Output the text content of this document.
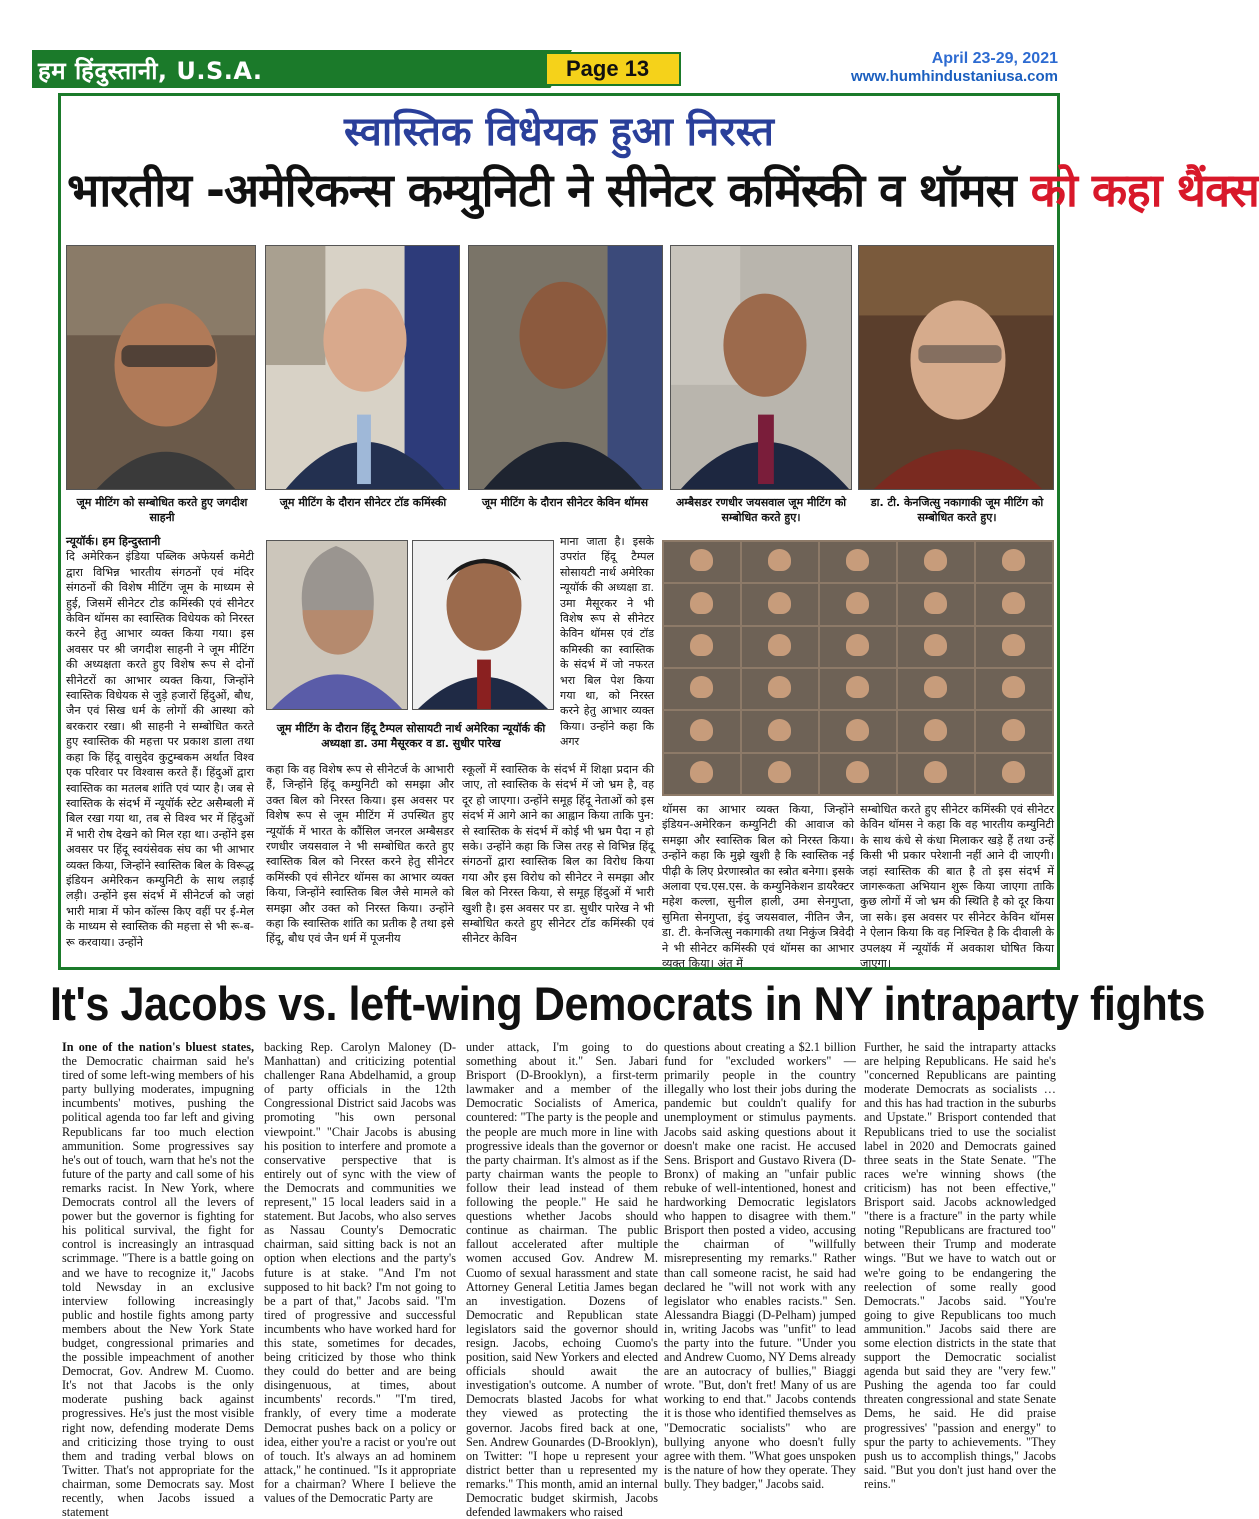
हम हिंदुस्तानी, U.S.A.	Page 13	April 23-29, 2021
www.humhindustaniusa.com
स्वास्तिक विधेयक हुआ निरस्त
भारतीय -अमेरिकन्स कम्युनिटी ने सीनेटर कमिंस्की व थॉमस को कहा थैंक्स
जूम मीटिंग को सम्बोधित करते हुए जगदीश साहनी
जूम मीटिंग के दौरान सीनेटर टॉड कमिंस्की	जूम मीटिंग के दौरान सीनेटर केविन थॉमस	अम्बैसडर रणधीर जयसवाल जूम मीटिंग को सम्बोधित करते हुए।
डा. टी. केनजित्सु नकागाकी जूम मीटिंग को सम्बोधित करते हुए।
न्यूयॉर्क। हम हिन्दुस्तानी
दि अमेरिकन इंडिया पब्लिक अफेयर्स कमेटी द्वारा विभिन्न भारतीय संगठनों एवं मंदिर संगठनों की विशेष मीटिंग जूम के माध्यम से हुई, जिसमें सीनेटर टोड कमिंस्की एवं सीनेटर केविन थॉमस का स्वास्तिक विधेयक को निरस्त करने हेतु आभार व्यक्त किया गया। इस अवसर पर श्री जगदीश साहनी ने जूम मीटिंग की अध्यक्षता करते हुए विशेष रूप से दोनों सीनेटरों का आभार व्यक्त किया, जिन्होंने स्वास्तिक विधेयक से जुड़े हजारों हिंदुओं, बौध, जैन एवं सिख धर्म के लोगों की आस्था को बरकरार रखा। श्री साहनी ने सम्बोधित करते हुए स्वास्तिक की महत्ता पर प्रकाश डाला तथा कहा कि हिंदू वासुदेव कुटुम्बकम अर्थात विश्व एक परिवार पर विश्वास करते हैं। हिंदुओं द्वारा स्वास्तिक का मतलब शांति एवं प्यार है। जब से स्वास्तिक के संदर्भ में न्यूयॉर्क स्टेट असैम्बली में बिल रखा गया था, तब से विश्व भर में हिंदुओं में भारी रोष देखने को मिल रहा था। उन्होंने इस अवसर पर हिंदू स्वयंसेवक संघ का भी आभार व्यक्त किया, जिन्होंने स्वास्तिक बिल के विरूद्ध इंडियन अमेरिकन कम्युनिटी के साथ लड़ाई लड़ी। उन्होंने इस संदर्भ में सीनेटर्ज को जहां भारी मात्रा में फोन कॉल्स किए वहीं पर ई-मेल के माध्यम से स्वास्तिक की महत्ता से भी रू-ब-रू करवाया। उन्होंने
जूम मीटिंग के दौरान हिंदू टैम्पल सोसायटी नार्थ अमेरिका न्यूयॉर्क की अध्यक्षा डा. उमा मैसूरकर व डा. सुधीर पारेख
कहा कि वह विशेष रूप से सीनेटर्ज के आभारी हैं, जिन्होंने हिंदू कम्युनिटी को समझा और उक्त बिल को निरस्त किया। इस अवसर पर विशेष रूप से जूम मीटिंग में उपस्थित हुए न्यूयॉर्क में भारत के कौंसिल जनरल अम्बैसडर रणधीर जयसवाल ने भी सम्बोधित करते हुए स्वास्तिक बिल को निरस्त करने हेतु सीनेटर कमिंस्की एवं सीनेटर थॉमस का आभार व्यक्त किया, जिन्होंने स्वास्तिक बिल जैसे मामले को समझा और उक्त को निरस्त किया। उन्होंने कहा कि स्वास्तिक शांति का प्रतीक है तथा इसे हिंदू, बौध एवं जैन धर्म में पूजनीय
स्कूलों में स्वास्तिक के संदर्भ में शिक्षा प्रदान की जाए, तो स्वास्तिक के संदर्भ में जो भ्रम है, वह दूर हो जाएगा। उन्होंने समूह हिंदू नेताओं को इस संदर्भ में आगे आने का आह्वान किया ताकि पुन: से स्वास्तिक के संदर्भ में कोई भी भ्रम पैदा न हो सके। उन्होंने कहा कि जिस तरह से विभिन्न हिंदू संगठनों द्वारा स्वास्तिक बिल का विरोध किया गया और इस विरोध को सीनेटर ने समझा और बिल को निरस्त किया, से समूह हिंदुओं में भारी खुशी है। इस अवसर पर डा. सुधीर पारेख ने भी सम्बोधित करते हुए सीनेटर टॉड कमिंस्की एवं सीनेटर केविन
माना जाता है। इसके उपरांत हिंदू टैम्पल सोसायटी नार्थ अमेरिका न्यूयॉर्क की अध्यक्षा डा. उमा मैसूरकर ने भी विशेष रूप से सीनेटर केविन थॉमस एवं टॉड कमिस्की का स्वास्तिक के संदर्भ में जो नफरत भरा बिल पेश किया गया था, को निरस्त करने हेतु आभार व्यक्त किया। उन्होंने कहा कि अगर
थॉमस का आभार व्यक्त किया, जिन्होंने इंडियन-अमेरिकन कम्युनिटी की आवाज को समझा और स्वास्तिक बिल को निरस्त किया। उन्होंने कहा कि मुझे खुशी है कि स्वास्तिक नई पीढ़ी के लिए प्रेरणास्त्रोत का स्त्रोत बनेगा। इसके अलावा एच.एस.एस. के कम्युनिकेशन डायरैक्टर महेश कल्ला, सुनील हाली, उमा सेनगुप्ता, सुमिता सेनगुप्ता, इंदु जयसवाल, नीतिन जैन, डा. टी. केनजित्सु नकागाकी तथा निकुंज त्रिवेदी ने भी सीनेटर कमिंस्की एवं थॉमस का आभार व्यक्त किया। अंत में
सम्बोधित करते हुए सीनेटर कमिंस्की एवं सीनेटर केविन थॉमस ने कहा कि वह भारतीय कम्युनिटी के साथ कंधे से कंधा मिलाकर खड़े हैं तथा उन्हें किसी भी प्रकार परेशानी नहीं आने दी जाएगी। जहां स्वास्तिक की बात है तो इस संदर्भ में जागरूकता अभियान शुरू किया जाएगा ताकि कुछ लोगों में जो भ्रम की स्थिति है को दूर किया जा सके। इस अवसर पर सीनेटर केविन थॉमस ने ऐलान किया कि वह निश्चित है कि दीवाली के उपलक्ष्य में न्यूयॉर्क में अवकाश घोषित किया जाएगा।
It's Jacobs vs. left-wing Democrats in NY intraparty fights
In one of the nation's bluest states, the Democratic chairman said he's tired of some left-wing members of his party bullying moderates, impugning incumbents' motives, pushing the political agenda too far left and giving Republicans far too much election ammunition. Some progressives say he's out of touch, warn that he's not the future of the party and call some of his remarks racist. In New York, where Democrats control all the levers of power but the governor is fighting for his political survival, the fight for control is increasingly an intrasquad scrimmage. "There is a battle going on and we have to recognize it," Jacobs told Newsday in an exclusive interview following increasingly public and hostile fights among party members about the New York State budget, congressional primaries and the possible impeachment of another Democrat, Gov. Andrew M. Cuomo. It's not that Jacobs is the only moderate pushing back against progressives. He's just the most visible right now, defending moderate Dems and criticizing those trying to oust them and trading verbal blows on Twitter. That's not appropriate for the chairman, some Democrats say. Most recently, when Jacobs issued a statement
backing Rep. Carolyn Maloney (D-Manhattan) and criticizing potential challenger Rana Abdelhamid, a group of party officials in the 12th Congressional District said Jacobs was promoting "his own personal viewpoint." "Chair Jacobs is abusing his position to interfere and promote a conservative perspective that is entirely out of sync with the view of the Democrats and communities we represent," 15 local leaders said in a statement. But Jacobs, who also serves as Nassau County's Democratic chairman, said sitting back is not an option when elections and the party's future is at stake. "And I'm not supposed to hit back? I'm not going to be a part of that," Jacobs said. "I'm tired of progressive and successful incumbents who have worked hard for this state, sometimes for decades, being criticized by those who think they could do better and are being disingenuous, at times, about incumbents' records." "I'm tired, frankly, of every time a moderate Democrat pushes back on a policy or idea, either you're a racist or you're out of touch. It's always an ad hominem attack," he continued. "Is it appropriate for a chairman? Where I believe the values of the Democratic Party are
under attack, I'm going to do something about it." Sen. Jabari Brisport (D-Brooklyn), a first-term lawmaker and a member of the Democratic Socialists of America, countered: "The party is the people and the people are much more in line with progressive ideals than the governor or the party chairman. It's almost as if the party chairman wants the people to follow their lead instead of them following the people." He said he questions whether Jacobs should continue as chairman. The public fallout accelerated after multiple women accused Gov. Andrew M. Cuomo of sexual harassment and state Attorney General Letitia James began an investigation. Dozens of Democratic and Republican state legislators said the governor should resign. Jacobs, echoing Cuomo's position, said New Yorkers and elected officials should await the investigation's outcome. A number of Democrats blasted Jacobs for what they viewed as protecting the governor. Jacobs fired back at one, Sen. Andrew Gounardes (D-Brooklyn), on Twitter: "I hope u represent your district better than u represented my remarks." This month, amid an internal Democratic budget skirmish, Jacobs defended lawmakers who raised
questions about creating a $2.1 billion fund for "excluded workers" — primarily people in the country illegally who lost their jobs during the pandemic but couldn't qualify for unemployment or stimulus payments. Jacobs said asking questions about it doesn't make one racist. He accused Sens. Brisport and Gustavo Rivera (D-Bronx) of making an "unfair public rebuke of well-intentioned, honest and hardworking Democratic legislators who happen to disagree with them." Brisport then posted a video, accusing the chairman of "willfully misrepresenting my remarks." Rather than call someone racist, he said had declared he "will not work with any legislator who enables racists." Sen. Alessandra Biaggi (D-Pelham) jumped in, writing Jacobs was "unfit" to lead the party into the future. "Under you and Andrew Cuomo, NY Dems already are an autocracy of bullies," Biaggi wrote. "But, don't fret! Many of us are working to end that." Jacobs contends it is those who identified themselves as "Democratic socialists" who are bullying anyone who doesn't fully agree with them. "What goes unspoken is the nature of how they operate. They bully. They badger," Jacobs said.
Further, he said the intraparty attacks are helping Republicans. He said he's "concerned Republicans are painting moderate Democrats as socialists … and this has had traction in the suburbs and Upstate." Brisport contended that Republicans tried to use the socialist label in 2020 and Democrats gained three seats in the State Senate. "The races we're winning shows (the criticism) has not been effective," Brisport said. Jacobs acknowledged "there is a fracture" in the party while noting "Republicans are fractured too" between their Trump and moderate wings. "But we have to watch out or we're going to be endangering the reelection of some really good Democrats." Jacobs said. "You're going to give Republicans too much ammunition." Jacobs said there are some election districts in the state that support the Democratic socialist agenda but said they are "very few." Pushing the agenda too far could threaten congressional and state Senate Dems, he said. He did praise progressives' "passion and energy" to spur the party to achievements. "They push us to accomplish things," Jacobs said. "But you don't just hand over the reins."
